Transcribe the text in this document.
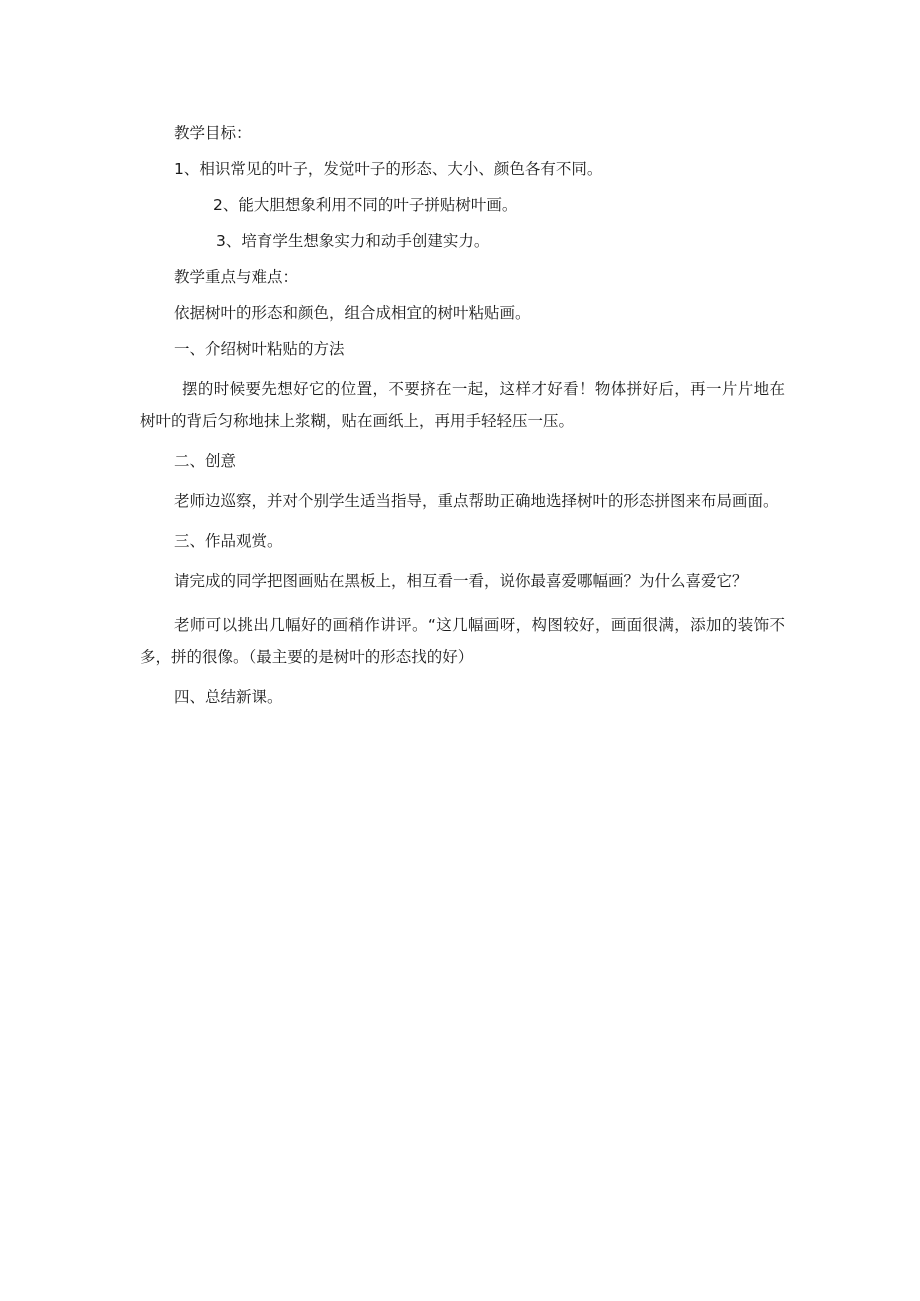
教学目标：

1、相识常见的叶子，发觉叶子的形态、大小、颜色各有不同。

2、能大胆想象利用不同的叶子拼贴树叶画。

3、培育学生想象实力和动手创建实力。

教学重点与难点：

依据树叶的形态和颜色，组合成相宜的树叶粘贴画。

一、介绍树叶粘贴的方法

摆的时候要先想好它的位置，不要挤在一起，这样才好看！物体拼好后，再一片片地在树叶的背后匀称地抹上浆糊，贴在画纸上，再用手轻轻压一压。

二、创意

老师边巡察，并对个别学生适当指导，重点帮助正确地选择树叶的形态拼图来布局画面。

三、作品观赏。

请完成的同学把图画贴在黑板上，相互看一看，说你最喜爱哪幅画？为什么喜爱它？

老师可以挑出几幅好的画稍作讲评。“这几幅画呀，构图较好，画面很满，添加的装饰不多，拼的很像。（最主要的是树叶的形态找的好）

四、总结新课。
